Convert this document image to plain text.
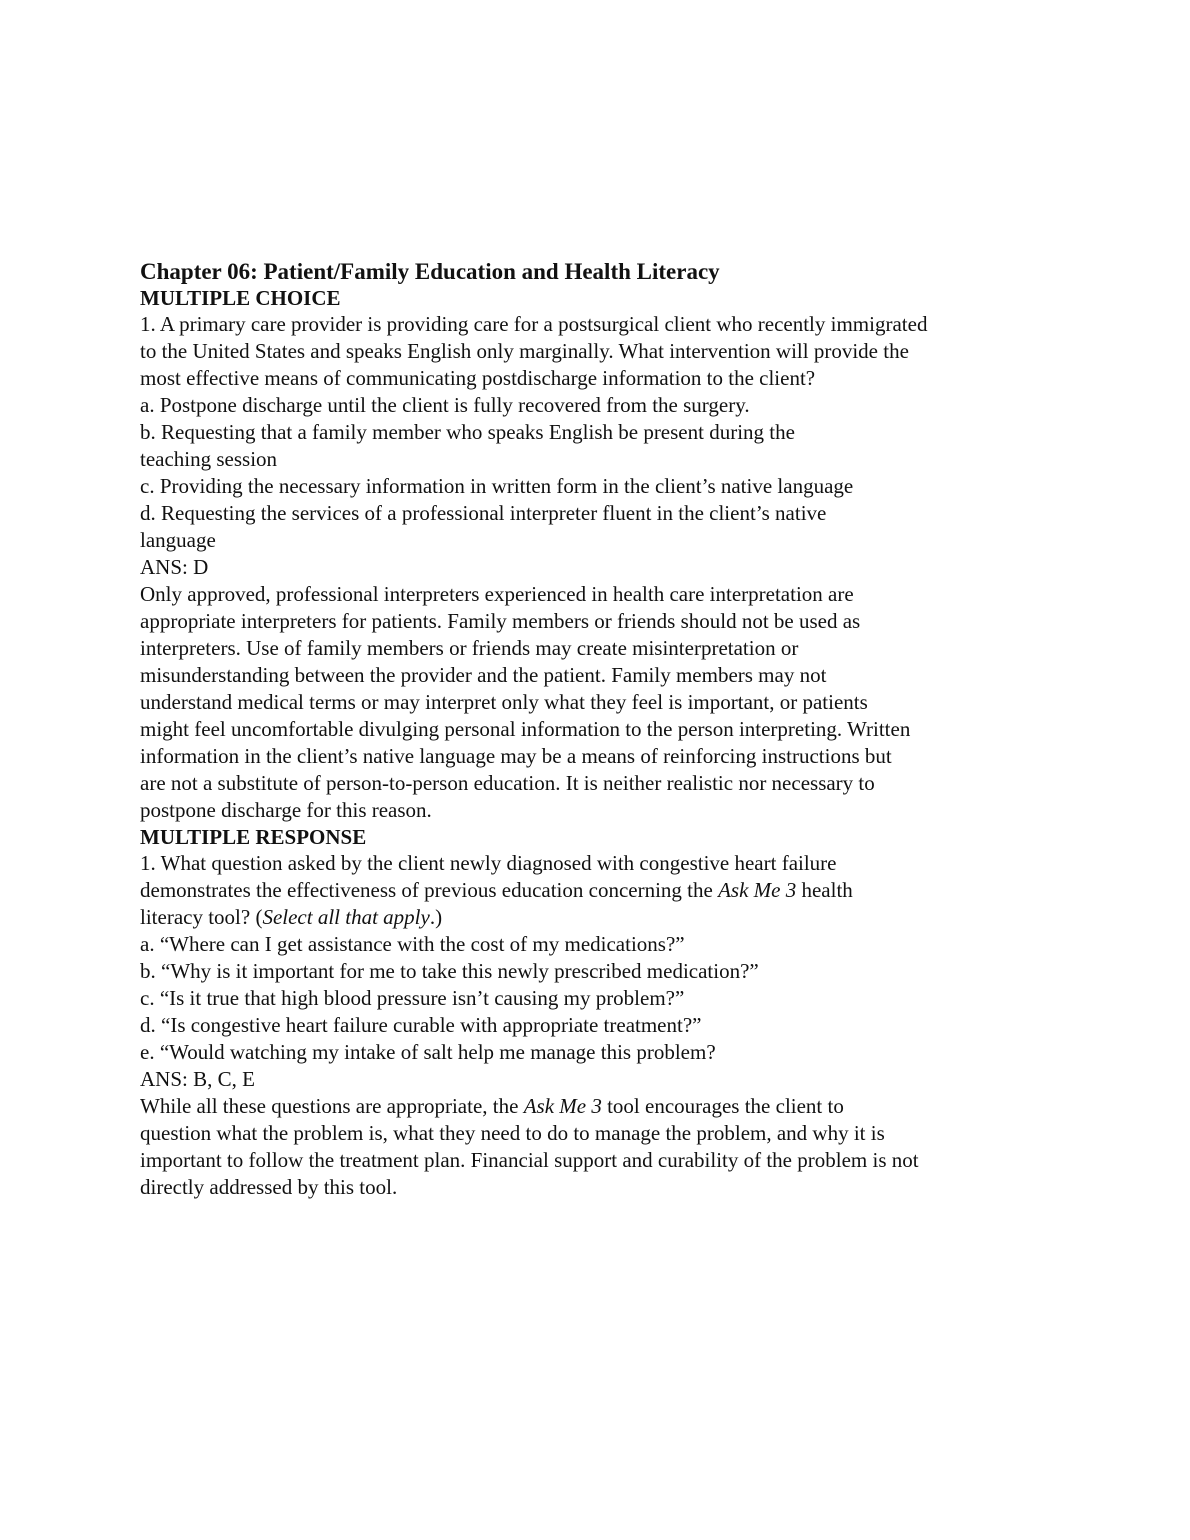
Chapter 06: Patient/Family Education and Health Literacy
MULTIPLE CHOICE
1. A primary care provider is providing care for a postsurgical client who recently immigrated
to the United States and speaks English only marginally. What intervention will provide the
most effective means of communicating postdischarge information to the client?
a. Postpone discharge until the client is fully recovered from the surgery.
b. Requesting that a family member who speaks English be present during the
teaching session
c. Providing the necessary information in written form in the client’s native language
d. Requesting the services of a professional interpreter fluent in the client’s native
language
ANS: D
Only approved, professional interpreters experienced in health care interpretation are
appropriate interpreters for patients. Family members or friends should not be used as
interpreters. Use of family members or friends may create misinterpretation or
misunderstanding between the provider and the patient. Family members may not
understand medical terms or may interpret only what they feel is important, or patients
might feel uncomfortable divulging personal information to the person interpreting. Written
information in the client’s native language may be a means of reinforcing instructions but
are not a substitute of person-to-person education. It is neither realistic nor necessary to
postpone discharge for this reason.
MULTIPLE RESPONSE
1. What question asked by the client newly diagnosed with congestive heart failure
demonstrates the effectiveness of previous education concerning the Ask Me 3 health
literacy tool? (Select all that apply.)
a. “Where can I get assistance with the cost of my medications?”
b. “Why is it important for me to take this newly prescribed medication?”
c. “Is it true that high blood pressure isn’t causing my problem?”
d. “Is congestive heart failure curable with appropriate treatment?”
e. “Would watching my intake of salt help me manage this problem?
ANS: B, C, E
While all these questions are appropriate, the Ask Me 3 tool encourages the client to
question what the problem is, what they need to do to manage the problem, and why it is
important to follow the treatment plan. Financial support and curability of the problem is not
directly addressed by this tool.
